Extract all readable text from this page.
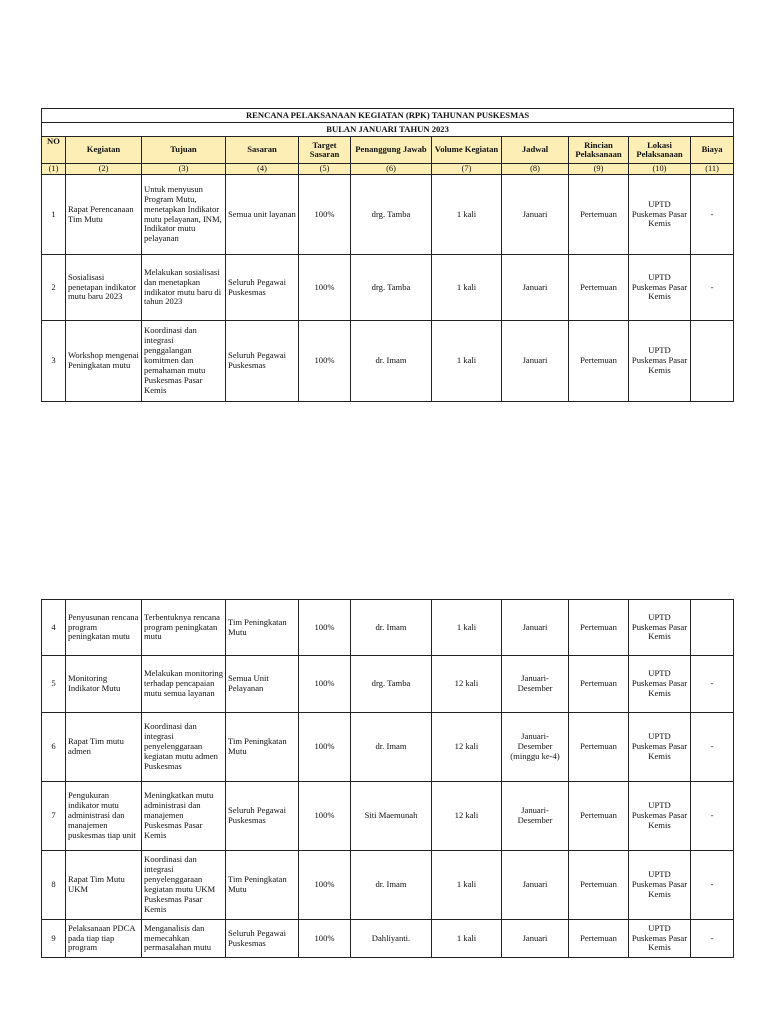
RENCANA PELAKSANAAN KEGIATAN (RPK) TAHUNAN PUSKESMAS										
BULAN JANUARI TAHUN 2023										
NO	Kegiatan	Tujuan	Sasaran	Target Sasaran	Penanggung Jawab	Volume Kegiatan	Jadwal	Rincian Pelaksanaan	Lokasi Pelaksanaan	Biaya
(1)	(2)	(3)	(4)	(5)	(6)	(7)	(8)	(9)	(10)	(11)

1	Rapat Perencanaan Tim Mutu	Untuk menyusun Program Mutu, menetapkan Indikator mutu pelayanan, INM, Indikator mutu pelayanan	Semua unit layanan	100%	drg. Tamba	1 kali	Januari	Pertemuan	UPTD Puskemas Pasar Kemis	-

2	Sosialisasi penetapan indikator mutu baru 2023	Melakukan sosialisasi dan menetapkan indikator mutu baru di tahun 2023	Seluruh Pegawai Puskesmas	100%	drg. Tamba	1 kali	Januari	Pertemuan	UPTD Puskemas Pasar Kemis	-

3	Workshop mengenai Peningkatan mutu	Koordinasi dan integrasi penggalangan komitmen dan pemahaman mutu Puskesmas Pasar Kemis	Seluruh Pegawai Puskesmas	100%	dr. Imam	1 kali	Januari	Pertemuan	UPTD Puskemas Pasar Kemis	

4	Penyusunan rencana program peningkatan mutu	Terbentuknya rencana program peningkatan mutu	Tim Peningkatan Mutu	100%	dr. Imam	1 kali	Januari	Pertemuan	UPTD Puskemas Pasar Kemis	

5	Monitoring Indikator Mutu	Melakukan monitoring terhadap pencapaian mutu semua layanan	Semua Unit Pelayanan	100%	drg. Tamba	12 kali	Januari-Desember	Pertemuan	UPTD Puskemas Pasar Kemis	-

6	Rapat Tim mutu admen	Koordinasi dan integrasi penyelenggaraan kegiatan mutu admen Puskesmas	Tim Peningkatan Mutu	100%	dr. Imam	12 kali	Januari-Desember (minggu ke-4)	Pertemuan	UPTD Puskemas Pasar Kemis	-

7	Pengukuran indikator mutu administrasi dan manajemen puskesmas tiap unit	Meningkatkan mutu administrasi dan manajemen Puskesmas Pasar Kemis	Seluruh Pegawai Puskesmas	100%	Siti Maemunah	12 kali	Januari-Desember	Pertemuan	UPTD Puskemas Pasar Kemis	-

8	Rapat Tim Mutu UKM	Koordinasi dan integrasi penyelenggaraan kegiatan mutu UKM Puskesmas Pasar Kemis	Tim Peningkatan Mutu	100%	dr. Imam	1 kali	Januari	Pertemuan	UPTD Puskemas Pasar Kemis	-

9	Pelaksanaan PDCA pada tiap tiap program	Menganalisis dan memecahkan permasalahan mutu	Seluruh Pegawai Puskesmas	100%	Dahliyanti.	1 kali	Januari	Pertemuan	UPTD Puskemas Pasar Kemis	-
